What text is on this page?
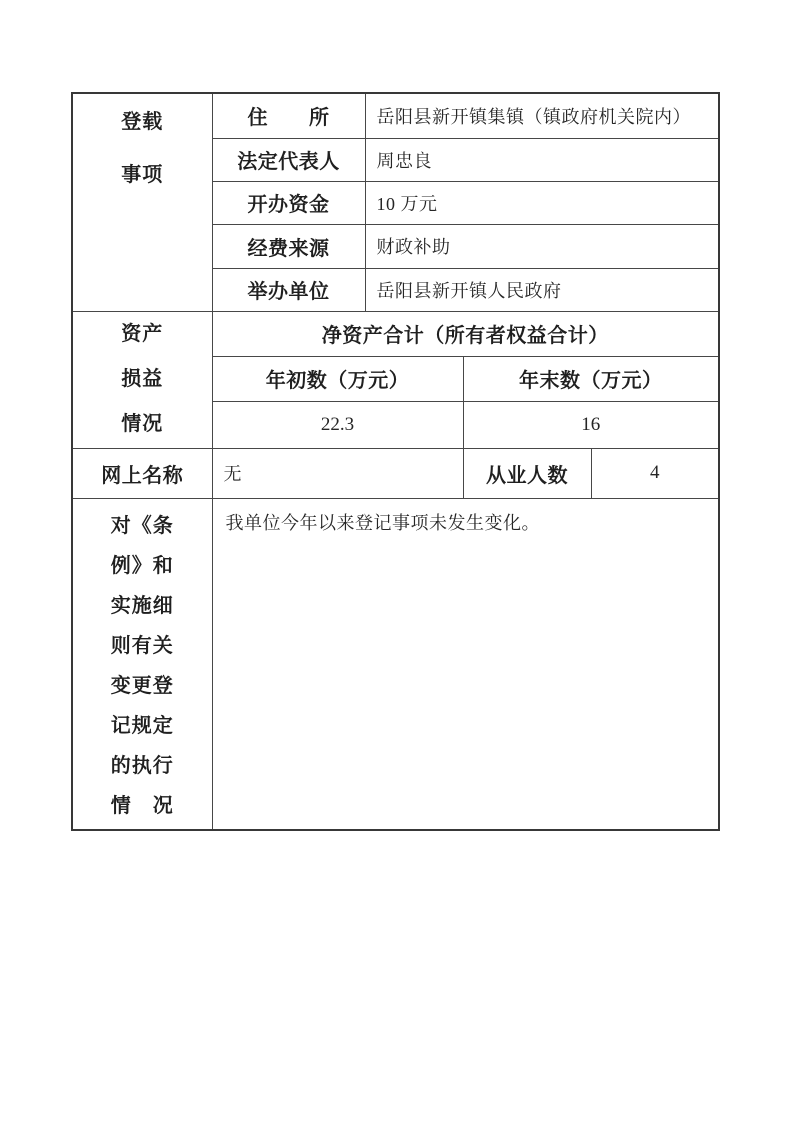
登载
事项	住　　所	岳阳县新开镇集镇（镇政府机关院内）		
	法定代表人	周忠良		
	开办资金	10 万元		
	经费来源	财政补助		
	举办单位	岳阳县新开镇人民政府		

资产
损益
情况	净资产合计（所有者权益合计）			
	年初数（万元）		年末数（万元）	
	22.3		16	
网上名称	无		从业人数	4

对《条
例》和
实施细
则有关
变更登
记规定
的执行
情　况
	我单位今年以来登记事项未发生变化。
